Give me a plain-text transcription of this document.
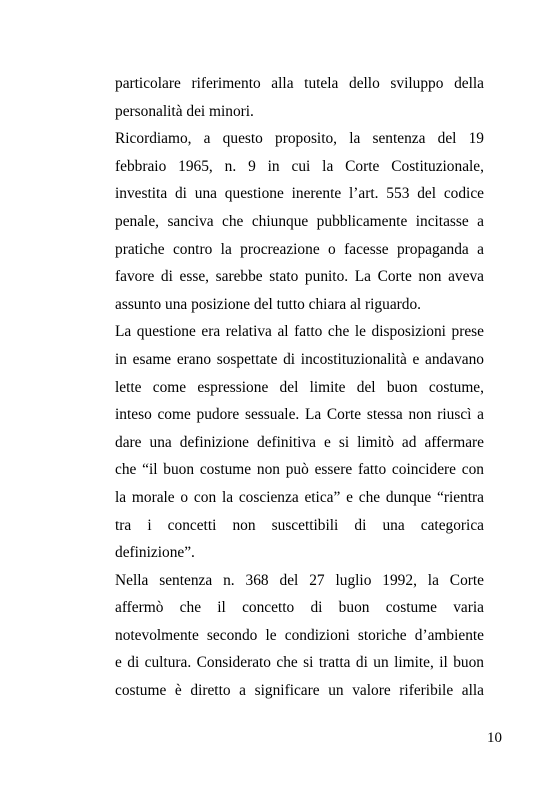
particolare riferimento alla tutela dello sviluppo della
personalità dei minori.
Ricordiamo, a questo proposito, la sentenza del 19
febbraio 1965, n. 9 in cui la Corte Costituzionale,
investita di una questione inerente l’art. 553 del codice
penale, sanciva che chiunque pubblicamente incitasse a
pratiche contro la procreazione o facesse propaganda a
favore di esse, sarebbe stato punito. La Corte non aveva
assunto una posizione del tutto chiara al riguardo.
La questione era relativa al fatto che le disposizioni prese
in esame erano sospettate di incostituzionalità e andavano
lette come espressione del limite del buon costume,
inteso come pudore sessuale. La Corte stessa non riuscì a
dare una definizione definitiva e si limitò ad affermare
che “il buon costume non può essere fatto coincidere con
la morale o con la coscienza etica” e che dunque “rientra
tra i concetti non suscettibili di una categorica
definizione”.
Nella sentenza n. 368 del 27 luglio 1992, la Corte
affermò che il concetto di buon costume varia
notevolmente secondo le condizioni storiche d’ambiente
e di cultura. Considerato che si tratta di un limite, il buon
costume è diretto a significare un valore riferibile alla
10
